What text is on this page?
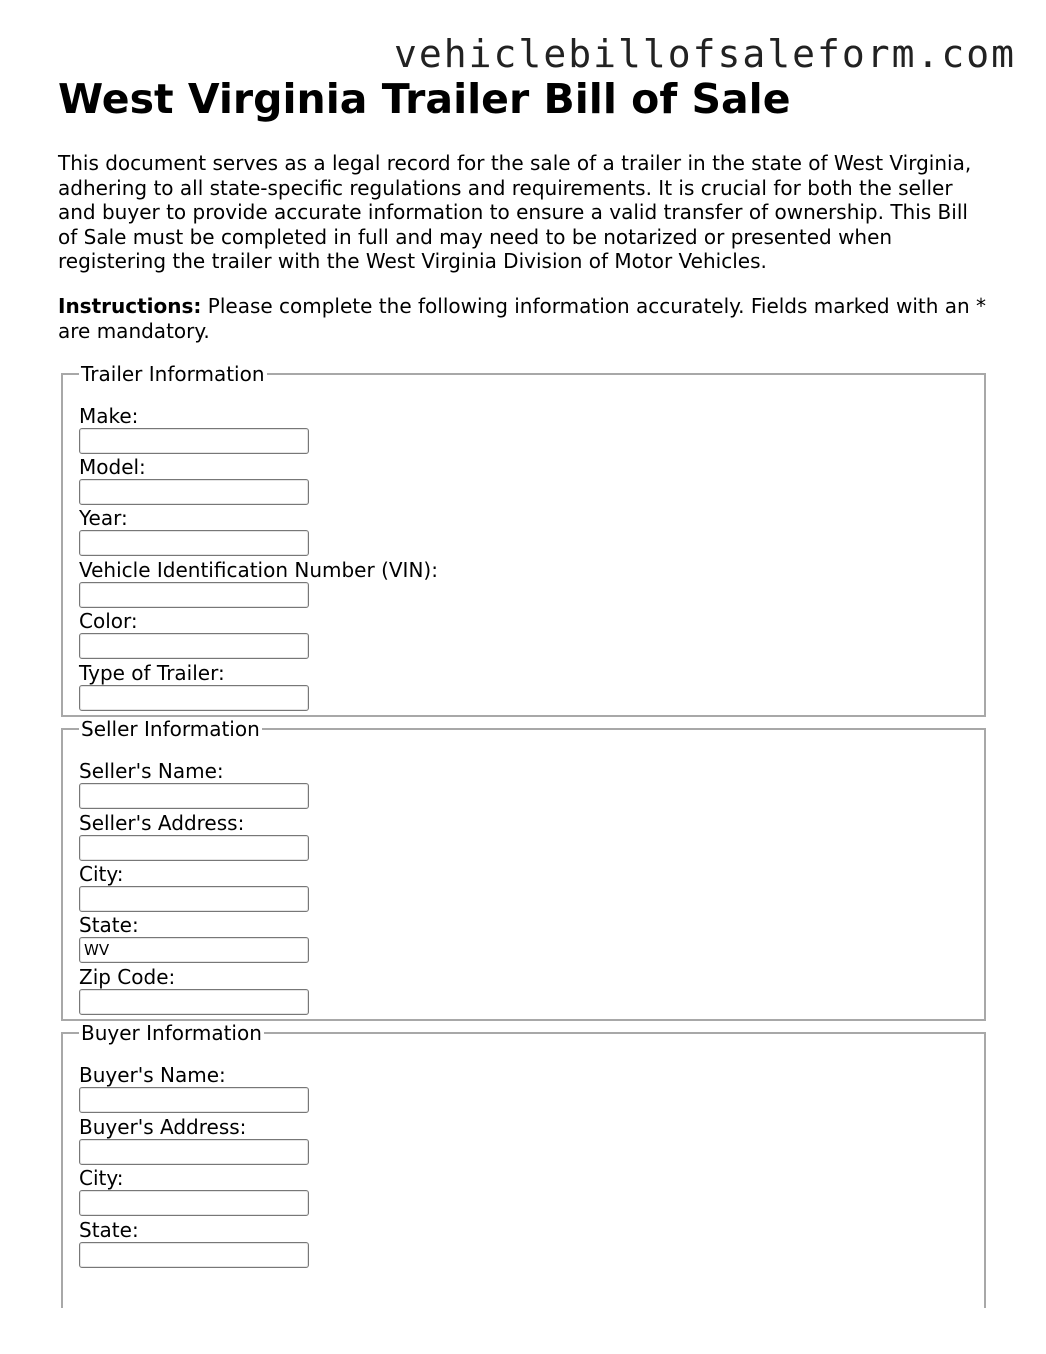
vehiclebillofsaleform.com
West Virginia Trailer Bill of Sale

This document serves as a legal record for the sale of a trailer in the state of West Virginia, adhering to all state-specific regulations and requirements. It is crucial for both the seller and buyer to provide accurate information to ensure a valid transfer of ownership. This Bill of Sale must be completed in full and may need to be notarized or presented when registering the trailer with the West Virginia Division of Motor Vehicles.

Instructions: Please complete the following information accurately. Fields marked with an * are mandatory.

Trailer Information
Make:
Model:
Year:
Vehicle Identification Number (VIN):
Color:
Type of Trailer:
Seller Information
Seller's Name:
Seller's Address:
City:
State:
WV
Zip Code:
Buyer Information
Buyer's Name:
Buyer's Address:
City:
State:
